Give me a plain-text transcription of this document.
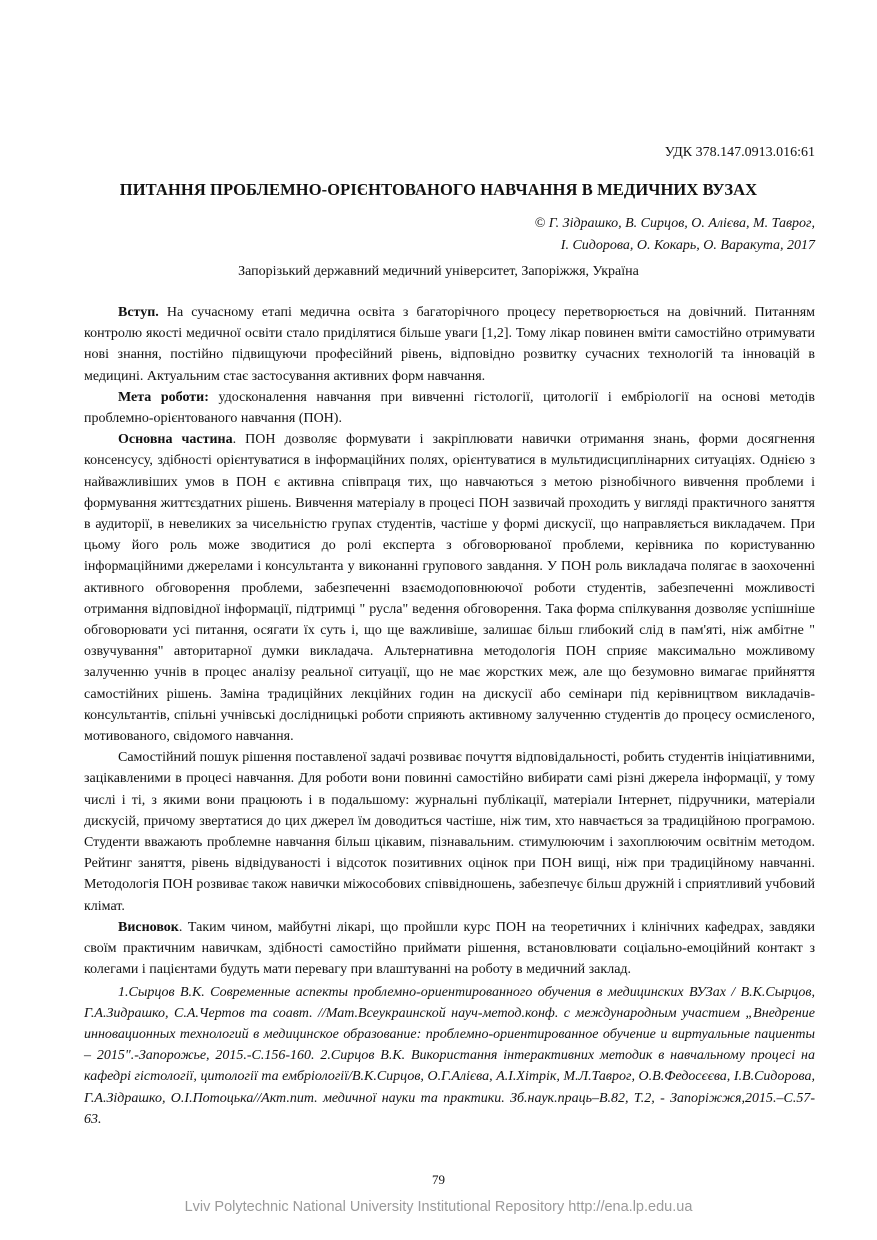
УДК 378.147.0913.016:61
ПИТАННЯ ПРОБЛЕМНО-ОРІЄНТОВАНОГО НАВЧАННЯ В МЕДИЧНИХ ВУЗАХ
© Г. Зідрашко, В. Сирцов, О. Алієва, М. Таврог,
І. Сидорова, О. Кокарь, О. Варакута, 2017
Запорізький державний медичний університет, Запоріжжя, Україна

Вступ. На сучасному етапі медична освіта з багаторічного процесу перетворюється на довічний. Питанням контролю якості медичної освіти стало приділятися більше уваги [1,2]. Тому лікар повинен вміти самостійно отримувати нові знання, постійно підвищуючи професійний рівень, відповідно розвитку сучасних технологій та інновацій в медицині. Актуальним стає застосування активних форм навчання.

Мета роботи: удосконалення навчання при вивченні гістології, цитології і ембріології на основі методів проблемно-орієнтованого навчання (ПОН).

Основна частина. ПОН дозволяє формувати і закріплювати навички отримання знань, форми досягнення консенсусу, здібності орієнтуватися в інформаційних полях, орієнтуватися в мультидисциплінарних ситуаціях. Однією з найважливіших умов в ПОН є активна співпраця тих, що навчаються з метою різнобічного вивчення проблеми і формування життєздатних рішень. Вивчення матеріалу в процесі ПОН зазвичай проходить у вигляді практичного заняття в аудиторії, в невеликих за чисельністю групах студентів, частіше у формі дискусії, що направляється викладачем. При цьому його роль може зводитися до ролі експерта з обговорюваної проблеми, керівника по користуванню інформаційними джерелами і консультанта у виконанні групового завдання. У ПОН роль викладача полягає в заохоченні активного обговорення проблеми, забезпеченні взаємодоповнюючої роботи студентів, забезпеченні можливості отримання відповідної інформації, підтримці " русла" ведення обговорення. Така форма спілкування дозволяє успішніше обговорювати усі питання, осягати їх суть і, що ще важливіше, залишає більш глибокий слід в пам'яті, ніж амбітне " озвучування" авторитарної думки викладача. Альтернативна методологія ПОН сприяє максимально можливому залученню учнів в процес аналізу реальної ситуації, що не має жорстких меж, але що безумовно вимагає прийняття самостійних рішень. Заміна традиційних лекційних годин на дискусії або семінари під керівництвом викладачів-консультантів, спільні учнівські дослідницькі роботи сприяють активному залученню студентів до процесу осмисленого, мотивованого, свідомого навчання.

Самостійний пошук рішення поставленої задачі розвиває почуття відповідальності, робить студентів ініціативними, зацікавленими в процесі навчання. Для роботи вони повинні самостійно вибирати самі різні джерела інформації, у тому числі і ті, з якими вони працюють і в подальшому: журнальні публікації, матеріали Інтернет, підручники, матеріали дискусій, причому звертатися до цих джерел їм доводиться частіше, ніж тим, хто навчається за традиційною програмою. Студенти вважають проблемне навчання більш цікавим, пізнавальним. стимулюючим і захоплюючим освітнім методом. Рейтинг заняття, рівень відвідуваності і відсоток позитивних оцінок при ПОН вищі, ніж при традиційному навчанні. Методологія ПОН розвиває також навички міжособових співвідношень, забезпечує більш дружній і сприятливий учбовий клімат.

Висновок. Таким чином, майбутні лікарі, що пройшли курс ПОН на теоретичних і клінічних кафедрах, завдяки своїм практичним навичкам, здібності самостійно приймати рішення, встановлювати соціально-емоційний контакт з колегами і пацієнтами будуть мати перевагу при влаштуванні на роботу в медичний заклад.

1.Сырцов В.К. Современные аспекты проблемно-ориентированного обучения в медицинских ВУЗах / В.К.Сырцов, Г.А.Зидрашко, С.А.Чертов та соавт. //Мат.Всеукраинской науч-метод.конф. с международным участием „Внедрение инновационных технологий в медицинское образование: проблемно-ориентированное обучение и виртуальные пациенты – 2015".-Запорожье, 2015.-С.156-160. 2.Сирцов В.К. Використання інтерактивних методик в навчальному процесі на кафедрі гістології, цитології та ембріології/В.К.Сирцов, О.Г.Алієва, А.І.Хітрік, М.Л.Таврог, О.В.Федосєєва, І.В.Сидорова, Г.А.Зідрашко, О.І.Потоцька//Акт.пит. медичної науки та практики. Зб.наук.праць–В.82, Т.2, - Запоріжжя,2015.–С.57-63.

79
Lviv Polytechnic National University Institutional Repository http://ena.lp.edu.ua
